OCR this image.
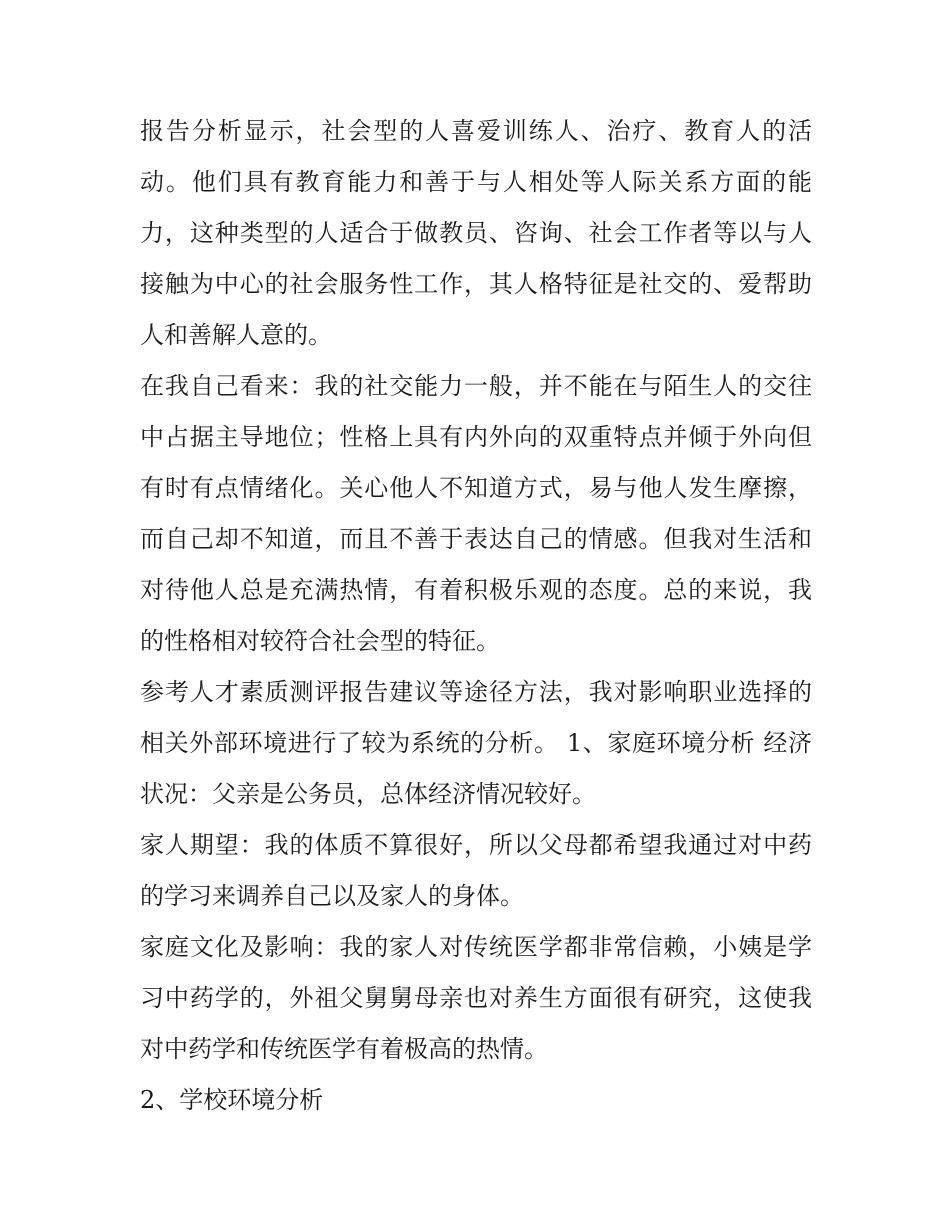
报告分析显示，社会型的人喜爱训练人、治疗、教育人的活
动。他们具有教育能力和善于与人相处等人际关系方面的能
力，这种类型的人适合于做教员、咨询、社会工作者等以与人
接触为中心的社会服务性工作，其人格特征是社交的、爱帮助
人和善解人意的。
在我自己看来：我的社交能力一般，并不能在与陌生人的交往
中占据主导地位；性格上具有内外向的双重特点并倾于外向但
有时有点情绪化。关心他人不知道方式，易与他人发生摩擦，
而自己却不知道，而且不善于表达自己的情感。但我对生活和
对待他人总是充满热情，有着积极乐观的态度。总的来说，我
的性格相对较符合社会型的特征。
参考人才素质测评报告建议等途径方法，我对影响职业选择的
相关外部环境进行了较为系统的分析。 1、家庭环境分析 经济
状况：父亲是公务员，总体经济情况较好。
家人期望：我的体质不算很好，所以父母都希望我通过对中药
的学习来调养自己以及家人的身体。
家庭文化及影响：我的家人对传统医学都非常信赖，小姨是学
习中药学的，外祖父舅舅母亲也对养生方面很有研究，这使我
对中药学和传统医学有着极高的热情。
2、学校环境分析
